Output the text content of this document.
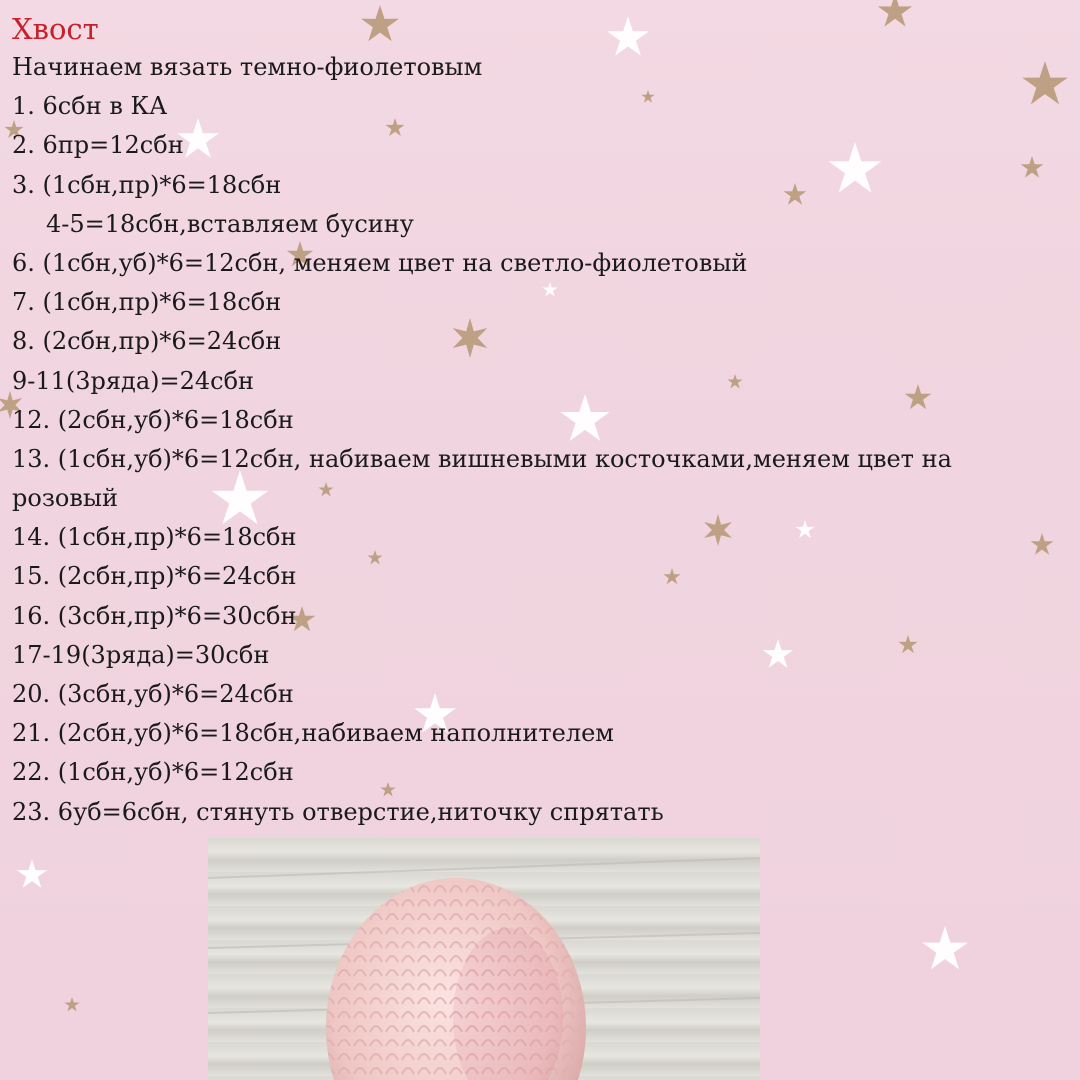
Хвост
Начинаем вязать темно-фиолетовым
1. 6сбн в КА
2. 6пр=12сбн
3. (1сбн,пр)*6=18сбн
4-5=18сбн,вставляем бусину
6. (1сбн,уб)*6=12сбн, меняем цвет на светло-фиолетовый
7. (1сбн,пр)*6=18сбн
8. (2сбн,пр)*6=24сбн
9-11(3ряда)=24сбн
12. (2сбн,уб)*6=18сбн
13. (1сбн,уб)*6=12сбн, набиваем вишневыми косточками,меняем цвет на
розовый
14. (1сбн,пр)*6=18сбн
15. (2сбн,пр)*6=24сбн
16. (3сбн,пр)*6=30сбн
17-19(3ряда)=30сбн
20. (3сбн,уб)*6=24сбн
21. (2сбн,уб)*6=18сбн,набиваем наполнителем
22. (1сбн,уб)*6=12сбн
23. 6уб=6сбн, стянуть отверстие,ниточку спрятать
